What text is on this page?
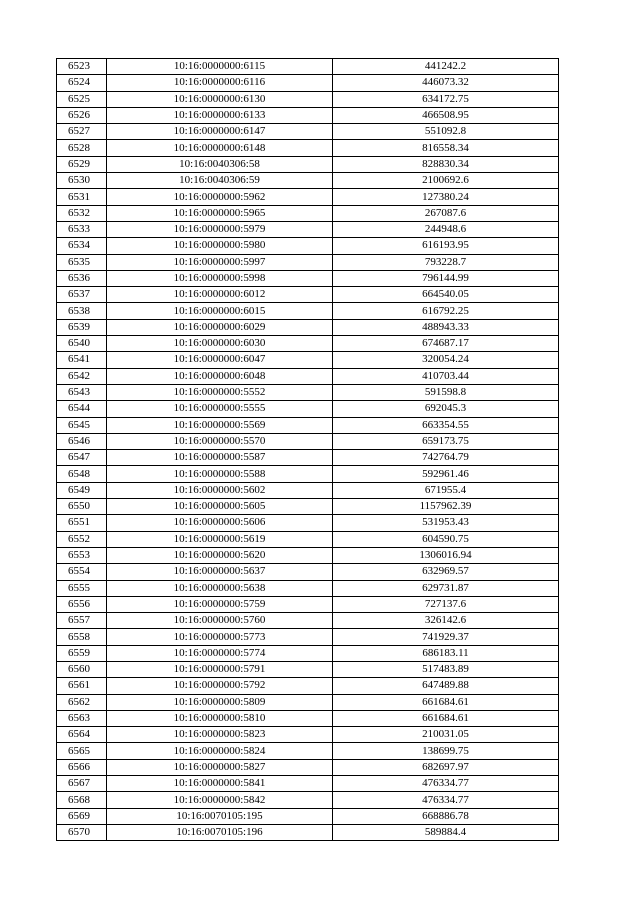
6523	10:16:0000000:6115	441242.2
6524	10:16:0000000:6116	446073.32
6525	10:16:0000000:6130	634172.75
6526	10:16:0000000:6133	466508.95
6527	10:16:0000000:6147	551092.8
6528	10:16:0000000:6148	816558.34
6529	10:16:0040306:58	828830.34
6530	10:16:0040306:59	2100692.6
6531	10:16:0000000:5962	127380.24
6532	10:16:0000000:5965	267087.6
6533	10:16:0000000:5979	244948.6
6534	10:16:0000000:5980	616193.95
6535	10:16:0000000:5997	793228.7
6536	10:16:0000000:5998	796144.99
6537	10:16:0000000:6012	664540.05
6538	10:16:0000000:6015	616792.25
6539	10:16:0000000:6029	488943.33
6540	10:16:0000000:6030	674687.17
6541	10:16:0000000:6047	320054.24
6542	10:16:0000000:6048	410703.44
6543	10:16:0000000:5552	591598.8
6544	10:16:0000000:5555	692045.3
6545	10:16:0000000:5569	663354.55
6546	10:16:0000000:5570	659173.75
6547	10:16:0000000:5587	742764.79
6548	10:16:0000000:5588	592961.46
6549	10:16:0000000:5602	671955.4
6550	10:16:0000000:5605	1157962.39
6551	10:16:0000000:5606	531953.43
6552	10:16:0000000:5619	604590.75
6553	10:16:0000000:5620	1306016.94
6554	10:16:0000000:5637	632969.57
6555	10:16:0000000:5638	629731.87
6556	10:16:0000000:5759	727137.6
6557	10:16:0000000:5760	326142.6
6558	10:16:0000000:5773	741929.37
6559	10:16:0000000:5774	686183.11
6560	10:16:0000000:5791	517483.89
6561	10:16:0000000:5792	647489.88
6562	10:16:0000000:5809	661684.61
6563	10:16:0000000:5810	661684.61
6564	10:16:0000000:5823	210031.05
6565	10:16:0000000:5824	138699.75
6566	10:16:0000000:5827	682697.97
6567	10:16:0000000:5841	476334.77
6568	10:16:0000000:5842	476334.77
6569	10:16:0070105:195	668886.78
6570	10:16:0070105:196	589884.4
